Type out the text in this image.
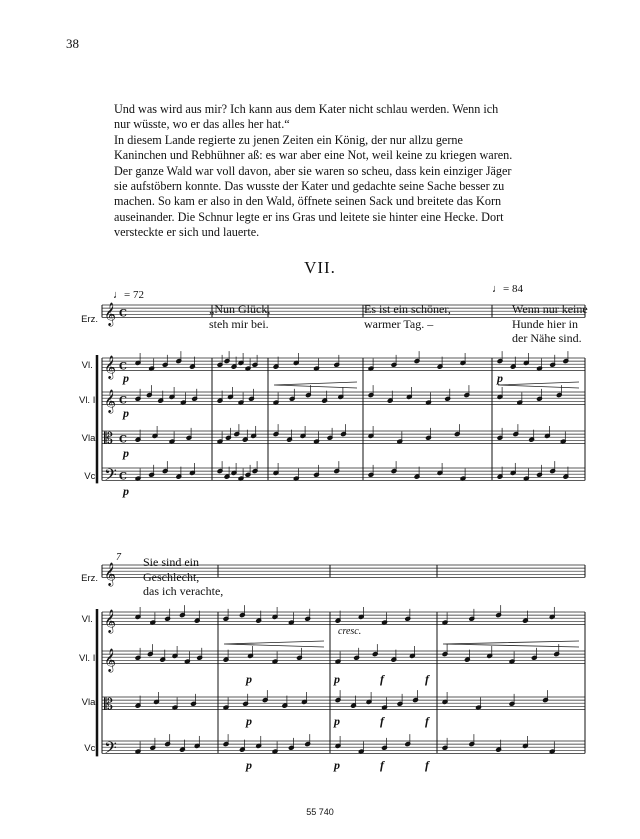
38

Und was wird aus mir? Ich kann aus dem Kater nicht schlau werden. Wenn ich nur wüsste, wo er das alles her hat.“

In diesem Lande regierte zu jenen Zeiten ein König, der nur allzu gerne Kaninchen und Rebhühner aß: es war aber eine Not, weil keine zu kriegen waren. Der ganze Wald war voll davon, aber sie waren so scheu, dass kein einziger Jäger sie aufstöbern konnte. Das wusste der Kater und gedachte seine Sache besser zu machen. So kam er also in den Wald, öffnete seinen Sack und breitete das Korn auseinander. Die Schnur legte er ins Gras und leitete sie hinter eine Hecke. Dort versteckte er sich und lauerte.

VII.
𝄞 C
𝄞 C
𝄞 C
𝄡 C
𝄢 C
𝄞
𝄞
𝄞
𝄡
𝄢
♩= 72	♩= 84
„Nun Glück,
steh mir bei.
Es ist ein schöner,
warmer Tag. –
Wenn nur keine
Hunde hier in
der Nähe sind.
Erz.
Vl. I
Vl. II
Vla.
Vc.
7 Sie sind ein
Geschlecht,
das ich verachte,
Erz.
Vl. I
Vl. II
Vla.
Vc.
p
p
p
p
p
cresc.
p	p	f	f
p	p	f	f
p	p	f	f
55 740
